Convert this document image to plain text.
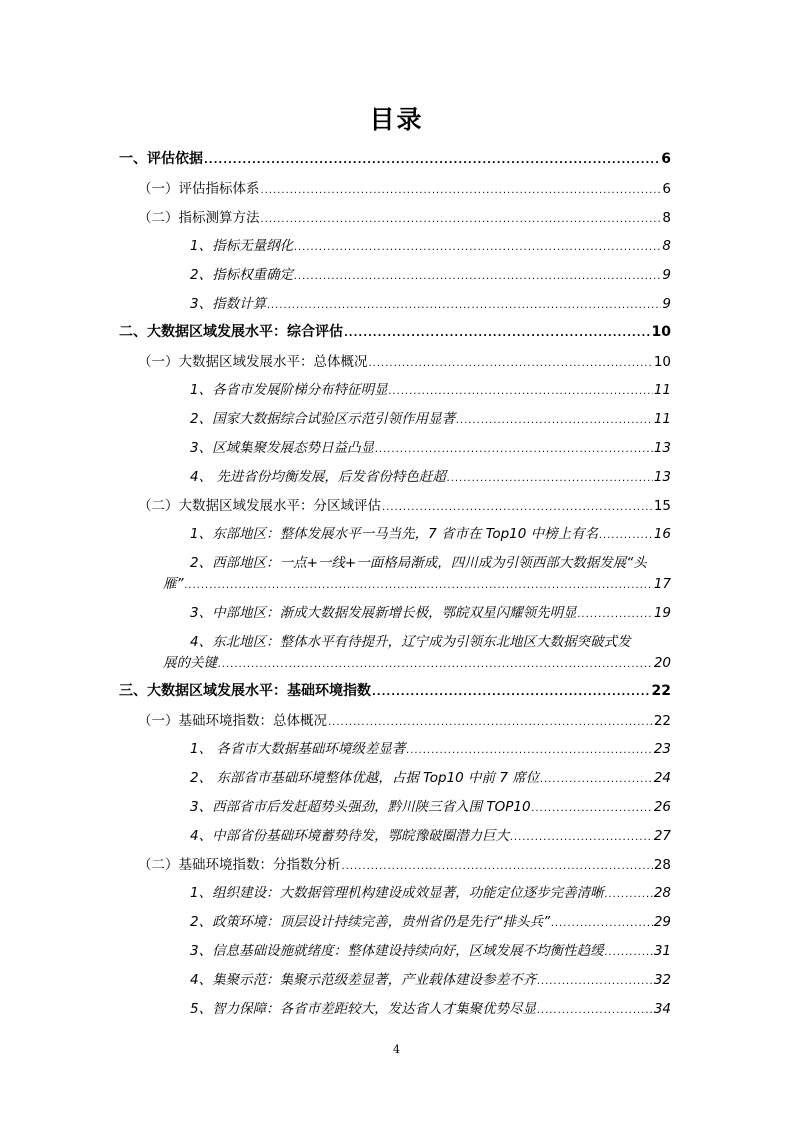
目录
一、评估依据 .....	6
（一）评估指标体系 .....	6
（二）指标测算方法 .....	8
1、指标无量纲化 .....	8
2、指标权重确定 .....	9
3、指数计算 .....	9
二、大数据区域发展水平：综合评估 .....	10
（一）大数据区域发展水平：总体概况 .....	10
1、各省市发展阶梯分布特征明显 .....	11
2、国家大数据综合试验区示范引领作用显著 .....	11
3、区域集聚发展态势日益凸显 .....	13
4、 先进省份均衡发展，后发省份特色赶超 .....	13
（二）大数据区域发展水平：分区域评估 .....	15
1、东部地区：整体发展水平一马当先，7 省市在 Top10 中榜上有名 .....	16
2、西部地区：一点+一线+一面格局渐成，四川成为引领西部大数据发展“头
雁” .....	17
3、中部地区：渐成大数据发展新增长极，鄂皖双星闪耀领先明显 .....	19
4、东北地区：整体水平有待提升，辽宁成为引领东北地区大数据突破式发
展的关键 .....	20
三、大数据区域发展水平：基础环境指数 .....	22
（一）基础环境指数：总体概况 .....	22
1、 各省市大数据基础环境级差显著 .....	23
2、 东部省市基础环境整体优越，占据 Top10 中前 7 席位 .....	24
3、西部省市后发赶超势头强劲，黔川陕三省入围 TOP10 .....	26
4、中部省份基础环境蓄势待发，鄂皖豫破圈潜力巨大 .....	27
（二）基础环境指数：分指数分析 .....	28
1、组织建设：大数据管理机构建设成效显著，功能定位逐步完善清晰 .....	28
2、政策环境：顶层设计持续完善，贵州省仍是先行“排头兵” .....	29
3、信息基础设施就绪度：整体建设持续向好，区域发展不均衡性趋缓 .....	31
4、集聚示范：集聚示范级差显著，产业载体建设参差不齐 .....	32
5、智力保障：各省市差距较大，发达省人才集聚优势尽显 .....	34
4
